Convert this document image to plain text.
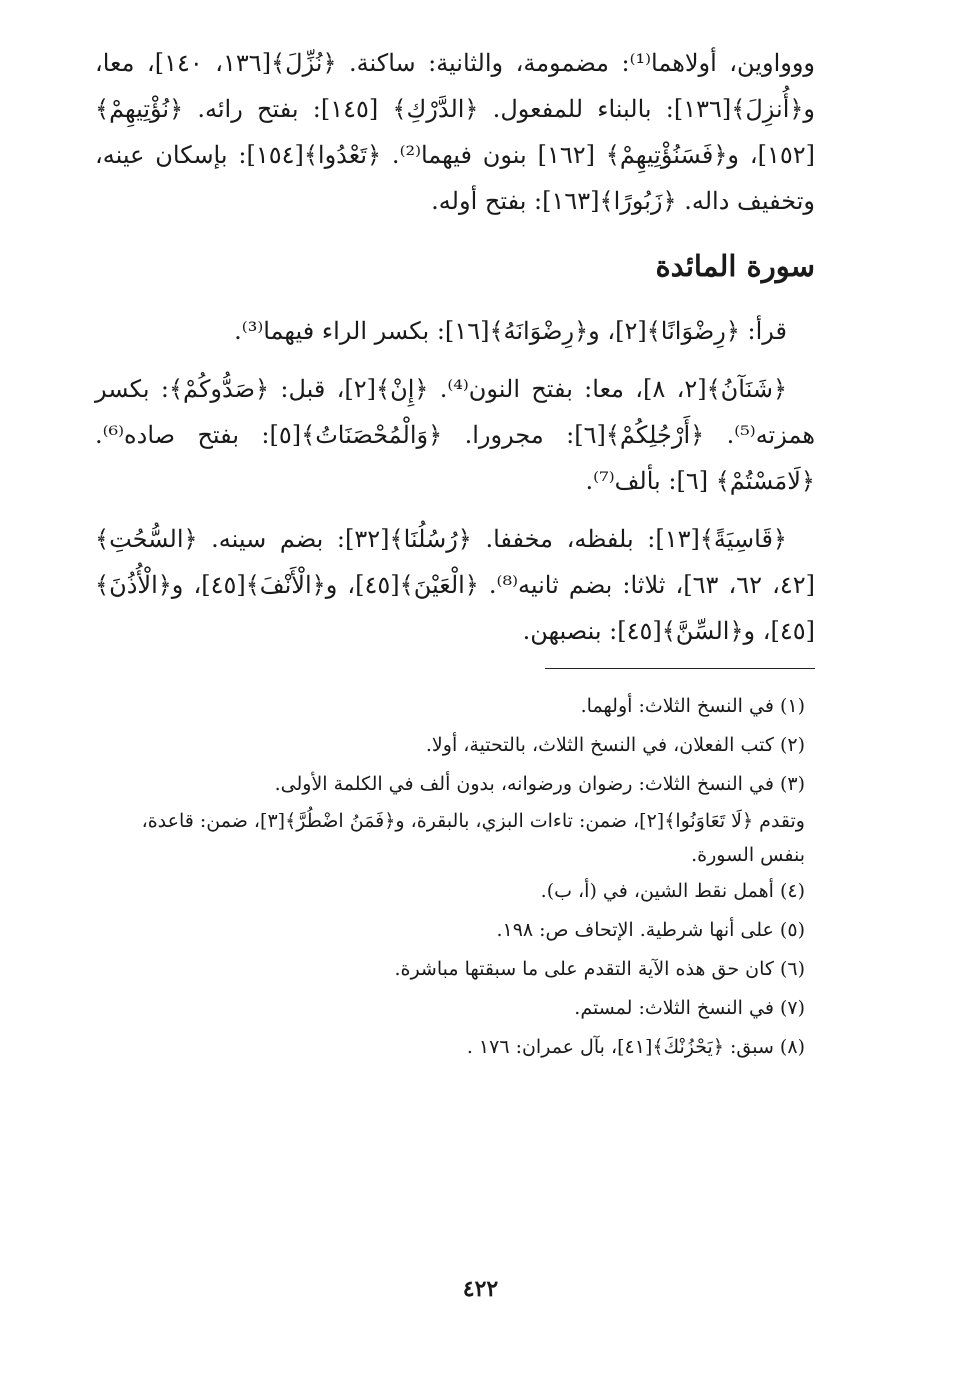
ووواوين، أولاهما⁽¹⁾: مضمومة، والثانية: ساكنة. ﴿نُزِّلَ﴾[١٣٦، ١٤٠]، معا، و﴿أُنزِلَ﴾[١٣٦]: بالبناء للمفعول. ﴿الدَّرْكِ﴾ [١٤٥]: بفتح رائه. ﴿نُؤْتِيهِمْ﴾[١٥٢]، و﴿فَسَنُؤْتِيهِمْ﴾ [١٦٢] بنون فيهما⁽²⁾. ﴿تَعْدُوا﴾[١٥٤]: بإسكان عينه، وتخفيف داله. ﴿زَبُورًا﴾[١٦٣]: بفتح أوله.

سورة المائدة

قرأ: ﴿رِضْوَانًا﴾[٢]، و﴿رِضْوَانَهُ﴾[١٦]: بكسر الراء فيهما⁽³⁾.

﴿شَنَآنُ﴾[٢، ٨]، معا: بفتح النون⁽⁴⁾. ﴿إِنْ﴾[٢]، قبل: ﴿صَدُّوكُمْ﴾: بكسر همزته⁽⁵⁾. ﴿أَرْجُلِكُمْ﴾[٦]: مجرورا. ﴿وَالْمُحْصَنَاتُ﴾[٥]: بفتح صاده⁽⁶⁾. ﴿لَامَسْتُمْ﴾ [٦]: بألف⁽⁷⁾.

﴿قَاسِيَةً﴾[١٣]: بلفظه، مخففا. ﴿رُسُلُنَا﴾[٣٢]: بضم سينه. ﴿السُّحُتِ﴾[٤٢، ٦٢، ٦٣]، ثلاثا: بضم ثانيه⁽⁸⁾. ﴿الْعَيْنَ﴾[٤٥]، و﴿الْأَنْفَ﴾[٤٥]، و﴿الْأُذُنَ﴾[٤٥]، و﴿السِّنَّ﴾[٤٥]: بنصبهن.

(١) في النسخ الثلاث: أولهما.

(٢) كتب الفعلان، في النسخ الثلاث، بالتحتية، أولا.

(٣) في النسخ الثلاث: رضوان ورضوانه، بدون ألف في الكلمة الأولى.

وتقدم ﴿لَا تَعَاوَنُوا﴾[٢]، ضمن: تاءات البزي، بالبقرة، و﴿فَمَنُ اضْطُرَّ﴾[٣]، ضمن: قاعدة، بنفس السورة.

(٤) أهمل نقط الشين، في (أ، ب).

(٥) على أنها شرطية. الإتحاف ص: ١٩٨.

(٦) كان حق هذه الآية التقدم على ما سبقتها مباشرة.

(٧) في النسخ الثلاث: لمستم.

(٨) سبق: ﴿يَحْزُنْكَ﴾[٤١]، بآل عمران: ١٧٦ .

٤٢٢
